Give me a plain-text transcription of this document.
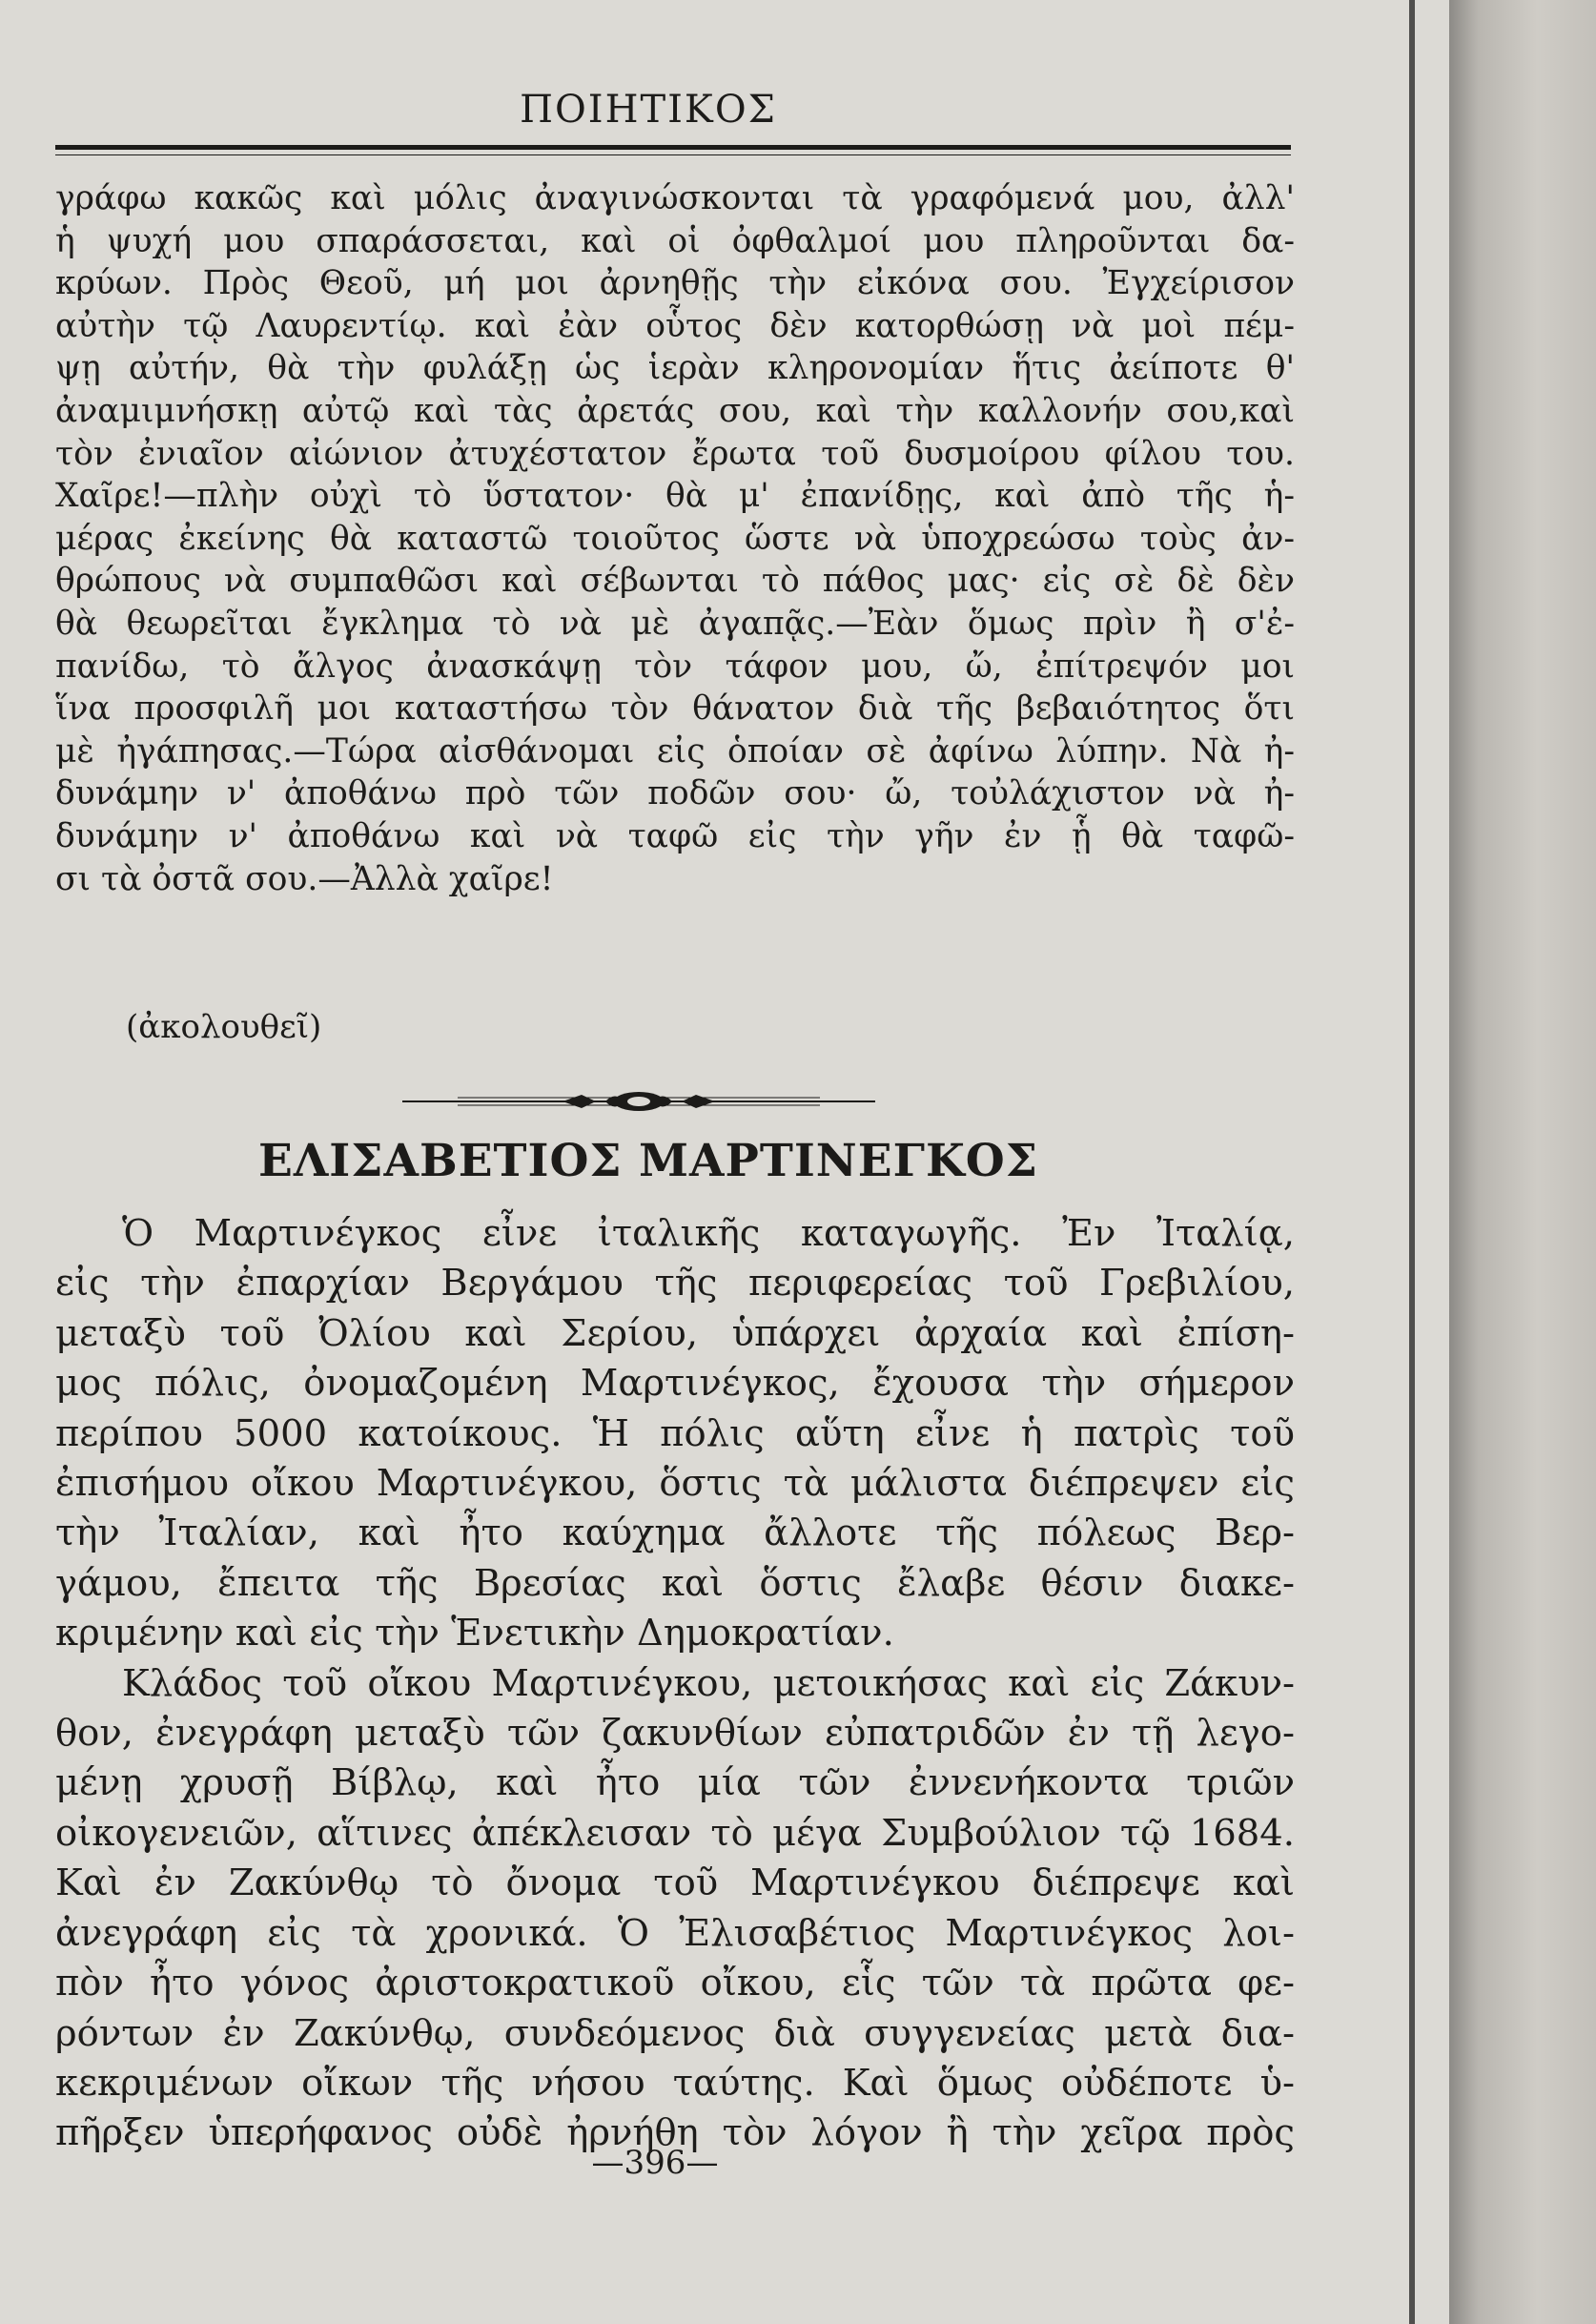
ΠΟΙΗΤΙΚΟΣ
γράφω κακῶς καὶ μόλις ἀναγινώσκονται τὰ γραφόμενά μου, ἀλλ'
ἡ ψυχή μου σπαράσσεται, καὶ οἱ ὀφθαλμοί μου πληροῦνται δα-
κρύων. Πρὸς Θεοῦ, μή μοι ἀρνηθῇς τὴν εἰκόνα σου. Ἐγχείρισον
αὐτὴν τῷ Λαυρεντίῳ. καὶ ἐὰν οὗτος δὲν κατορθώσῃ νὰ μοὶ πέμ-
ψῃ αὐτήν, θὰ τὴν φυλάξῃ ὡς ἱερὰν κληρονομίαν ἥτις ἀείποτε θ'
ἀναμιμνήσκῃ αὐτῷ καὶ τὰς ἀρετάς σου, καὶ τὴν καλλονήν σου,καὶ
τὸν ἐνιαῖον αἰώνιον ἀτυχέστατον ἔρωτα τοῦ δυσμοίρου φίλου του.
Χαῖρε!—πλὴν οὐχὶ τὸ ὕστατον· θὰ μ' ἐπανίδῃς, καὶ ἀπὸ τῆς ἡ-
μέρας ἐκείνης θὰ καταστῶ τοιοῦτος ὥστε νὰ ὑποχρεώσω τοὺς ἀν-
θρώπους νὰ συμπαθῶσι καὶ σέβωνται τὸ πάθος μας· εἰς σὲ δὲ δὲν
θὰ θεωρεῖται ἔγκλημα τὸ νὰ μὲ ἀγαπᾷς.—Ἐὰν ὅμως πρὶν ἢ σ'ἐ-
πανίδω, τὸ ἄλγος ἀνασκάψῃ τὸν τάφον μου, ὤ, ἐπίτρεψόν μοι
ἵνα προσφιλῆ μοι καταστήσω τὸν θάνατον διὰ τῆς βεβαιότητος ὅτι
μὲ ἠγάπησας.—Τώρα αἰσθάνομαι εἰς ὁποίαν σὲ ἀφίνω λύπην. Νὰ ἠ-
δυνάμην ν' ἀποθάνω πρὸ τῶν ποδῶν σου· ὤ, τοὐλάχιστον νὰ ἠ-
δυνάμην ν' ἀποθάνω καὶ νὰ ταφῶ εἰς τὴν γῆν ἐν ᾗ θὰ ταφῶ-
σι τὰ ὀστᾶ σου.—Ἀλλὰ χαῖρε!

(ἀκολουθεῖ)

ΕΛΙΣΑΒΕΤΙΟΣ ΜΑΡΤΙΝΕΓΚΟΣ
Ὁ Μαρτινέγκος εἶνε ἰταλικῆς καταγωγῆς. Ἐν Ἰταλίᾳ,
εἰς τὴν ἐπαρχίαν Βεργάμου τῆς περιφερείας τοῦ Γρεβιλίου,
μεταξὺ τοῦ Ὀλίου καὶ Σερίου, ὑπάρχει ἀρχαία καὶ ἐπίση-
μος πόλις, ὀνομαζομένη Μαρτινέγκος, ἔχουσα τὴν σήμερον
περίπου 5000 κατοίκους. Ἡ πόλις αὕτη εἶνε ἡ πατρὶς τοῦ
ἐπισήμου οἴκου Μαρτινέγκου, ὅστις τὰ μάλιστα διέπρεψεν εἰς
τὴν Ἰταλίαν, καὶ ἦτο καύχημα ἄλλοτε τῆς πόλεως Βερ-
γάμου, ἔπειτα τῆς Βρεσίας καὶ ὅστις ἔλαβε θέσιν διακε-
κριμένην καὶ εἰς τὴν Ἑνετικὴν Δημοκρατίαν.
Κλάδος τοῦ οἴκου Μαρτινέγκου, μετοικήσας καὶ εἰς Ζάκυν-
θον, ἐνεγράφη μεταξὺ τῶν ζακυνθίων εὐπατριδῶν ἐν τῇ λεγο-
μένῃ χρυσῇ Βίβλῳ, καὶ ἦτο μία τῶν ἐννενήκοντα τριῶν
οἰκογενειῶν, αἵτινες ἀπέκλεισαν τὸ μέγα Συμβούλιον τῷ 1684.
Καὶ ἐν Ζακύνθῳ τὸ ὄνομα τοῦ Μαρτινέγκου διέπρεψε καὶ
ἀνεγράφη εἰς τὰ χρονικά. Ὁ Ἐλισαβέτιος Μαρτινέγκος λοι-
πὸν ἦτο γόνος ἀριστοκρατικοῦ οἴκου, εἷς τῶν τὰ πρῶτα φε-
ρόντων ἐν Ζακύνθῳ, συνδεόμενος διὰ συγγενείας μετὰ δια-
κεκριμένων οἴκων τῆς νήσου ταύτης. Καὶ ὅμως οὐδέποτε ὑ-
πῆρξεν ὑπερήφανος οὐδὲ ἠρνήθη τὸν λόγον ἢ τὴν χεῖρα πρὸς

—396—
